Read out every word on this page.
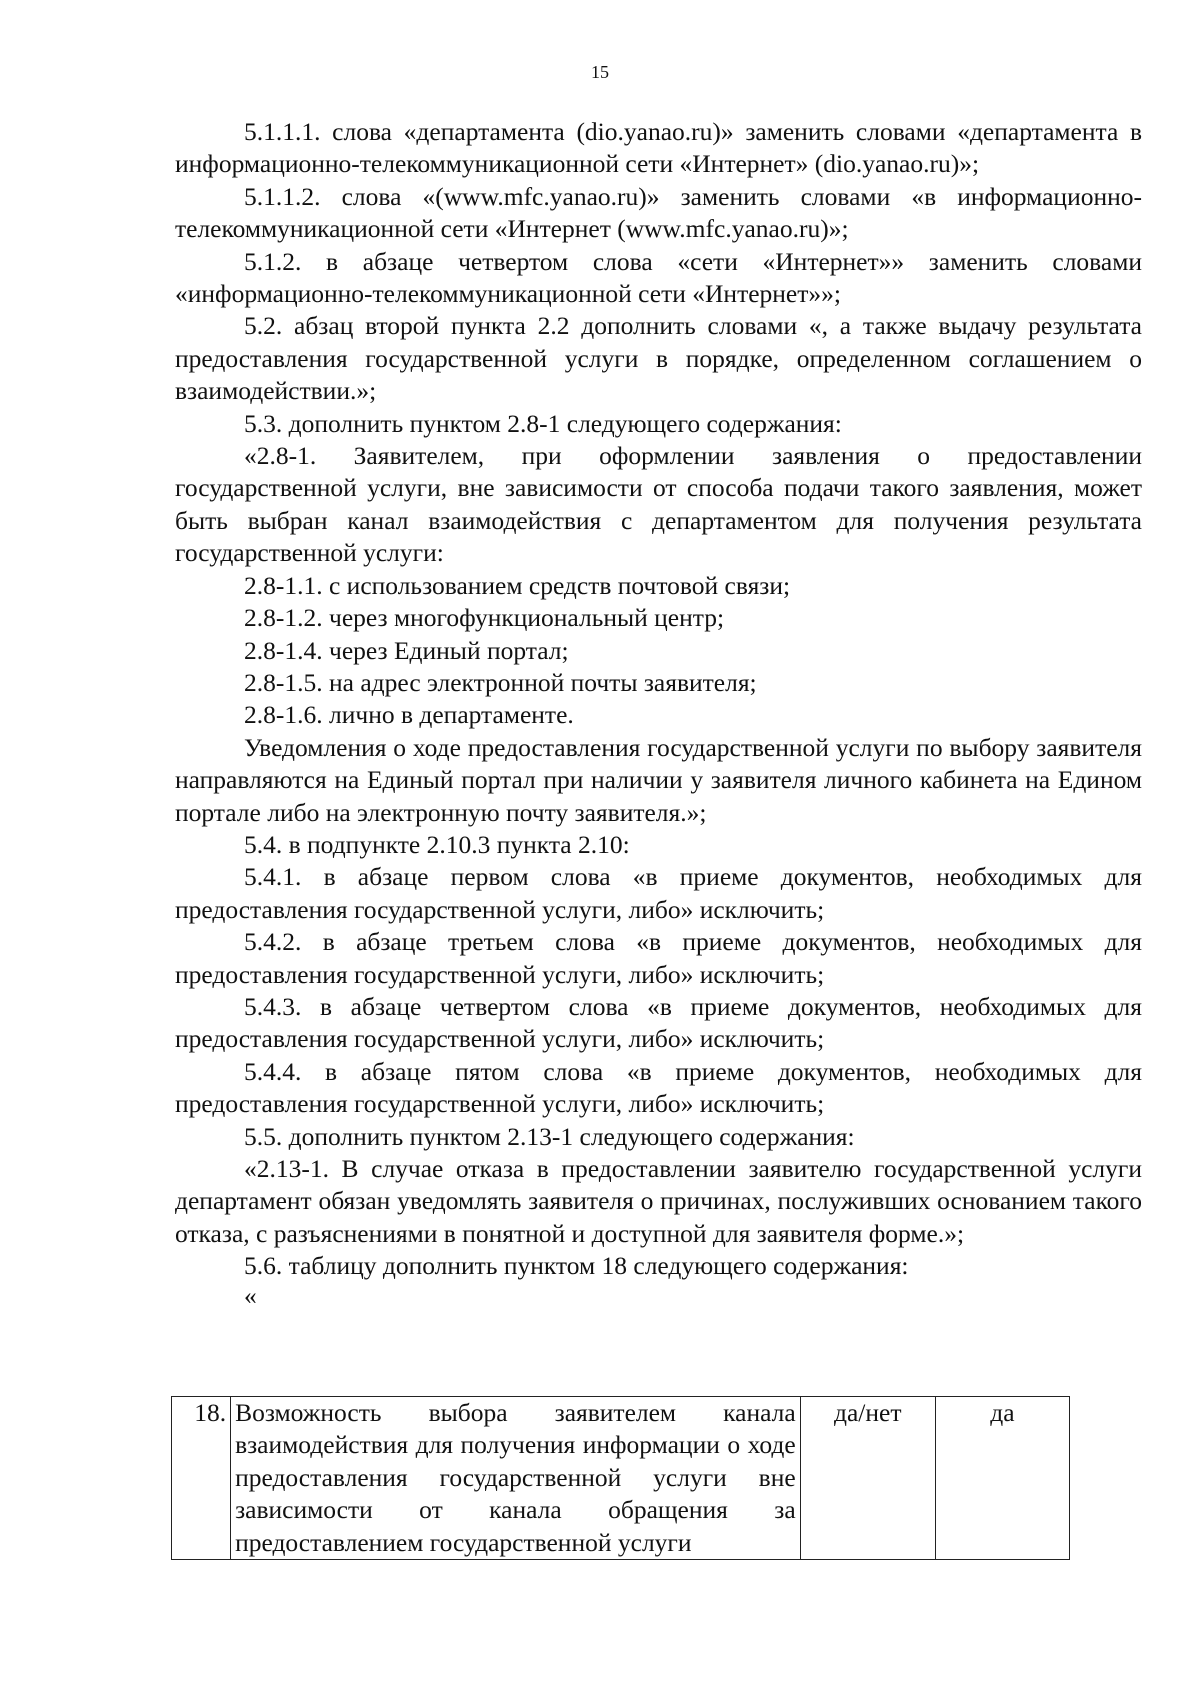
15

5.1.1.1. слова «департамента (dio.yanao.ru)» заменить словами «департамента в информационно-телекоммуникационной сети «Интернет» (dio.yanao.ru)»;

5.1.1.2. слова «(www.mfc.yanao.ru)» заменить словами «в информационно-телекоммуникационной сети «Интернет (www.mfc.yanao.ru)»;

5.1.2. в абзаце четвертом слова «сети «Интернет»» заменить словами «информационно-телекоммуникационной сети «Интернет»»;

5.2. абзац второй пункта 2.2 дополнить словами «, а также выдачу результата предоставления государственной услуги в порядке, определенном соглашением о взаимодействии.»;

5.3. дополнить пунктом 2.8-1 следующего содержания:

«2.8-1. Заявителем, при оформлении заявления о предоставлении государственной услуги, вне зависимости от способа подачи такого заявления, может быть выбран канал взаимодействия с департаментом для получения результата государственной услуги:

2.8-1.1. с использованием средств почтовой связи;

2.8-1.2. через многофункциональный центр;

2.8-1.4. через Единый портал;

2.8-1.5. на адрес электронной почты заявителя;

2.8-1.6. лично в департаменте.

Уведомления о ходе предоставления государственной услуги по выбору заявителя направляются на Единый портал при наличии у заявителя личного кабинета на Едином портале либо на электронную почту заявителя.»;

5.4. в подпункте 2.10.3 пункта 2.10:

5.4.1. в абзаце первом слова «в приеме документов, необходимых для предоставления государственной услуги, либо» исключить;

5.4.2. в абзаце третьем слова «в приеме документов, необходимых для предоставления государственной услуги, либо» исключить;

5.4.3. в абзаце четвертом слова «в приеме документов, необходимых для предоставления государственной услуги, либо» исключить;

5.4.4. в абзаце пятом слова «в приеме документов, необходимых для предоставления государственной услуги, либо» исключить;

5.5. дополнить пунктом 2.13-1 следующего содержания:

«2.13-1. В случае отказа в предоставлении заявителю государственной услуги департамент обязан уведомлять заявителя о причинах, послуживших основанием такого отказа, с разъяснениями в понятной и доступной для заявителя форме.»;

5.6. таблицу дополнить пунктом 18 следующего содержания:

«

18.	Возможность выбора заявителем канала взаимодействия для получения информации о ходе предоставления государственной услуги вне зависимости от канала обращения за предоставлением государственной услуги	да/нет	да
